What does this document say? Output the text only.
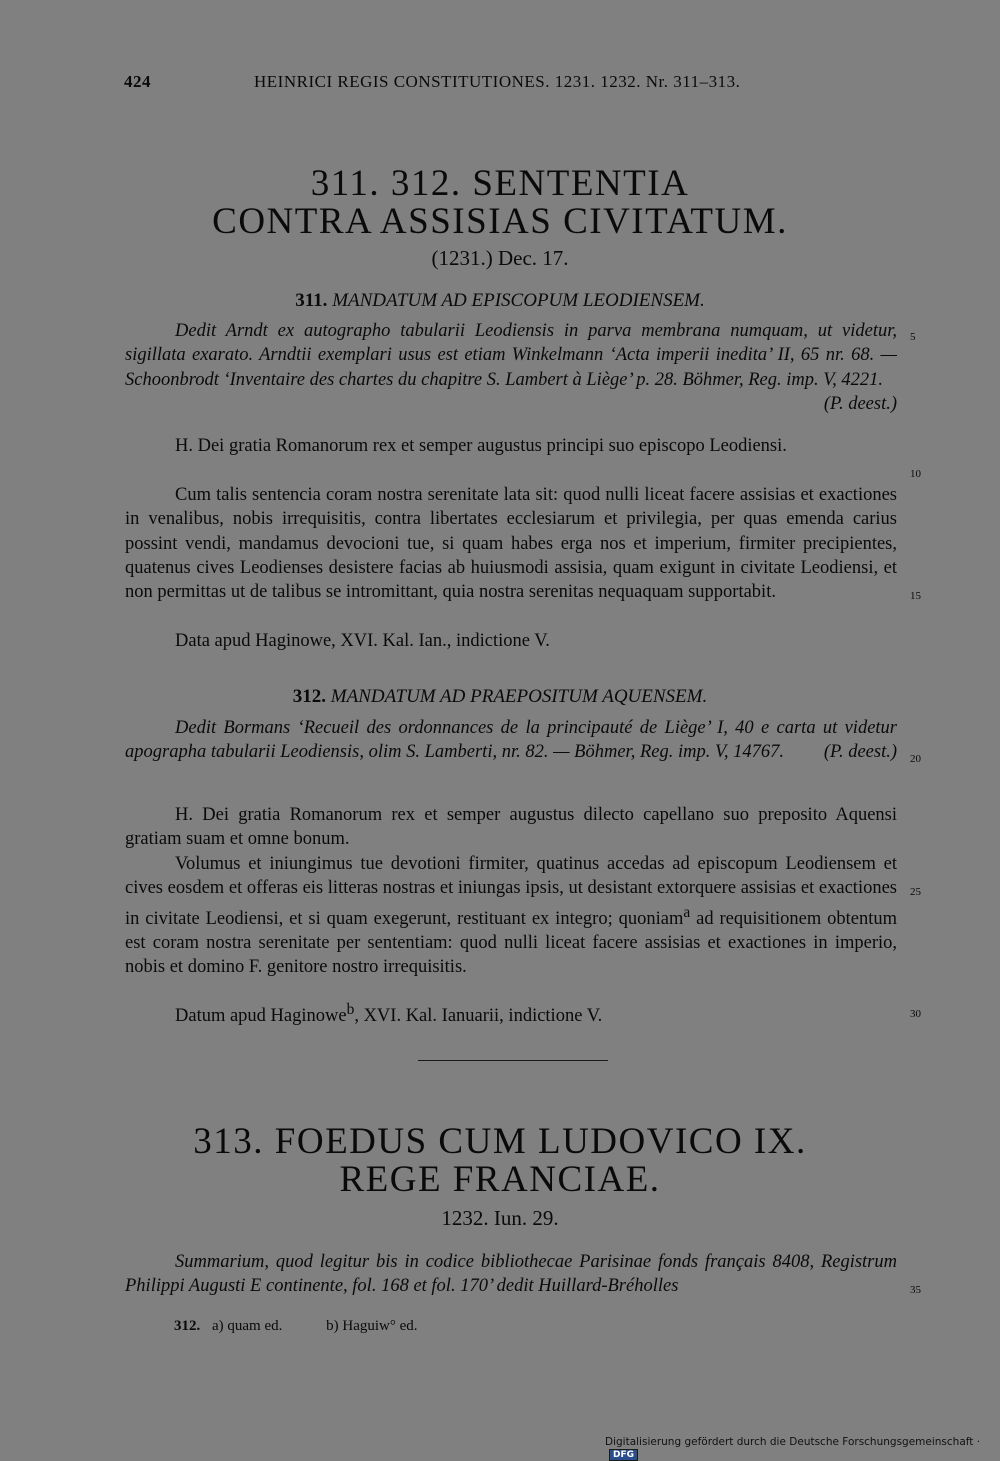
424	HEINRICI REGIS CONSTITUTIONES. 1231. 1232. Nr. 311–313.
311. 312. SENTENTIA
CONTRA ASSISIAS CIVITATUM.
(1231.) Dec. 17.
311. MANDATUM AD EPISCOPUM LEODIENSEM.
Dedit Arndt ex autographo tabularii Leodiensis in parva membrana numquam, ut videtur, sigillata exarato. Arndtii exemplari usus est etiam Winkelmann ‘Acta imperii inedita’ II, 65 nr. 68. — Schoonbrodt ‘Inventaire des chartes du chapitre S. Lambert à Liège’ p. 28. Böhmer, Reg. imp. V, 4221.
(P. deest.)
H. Dei gratia Romanorum rex et semper augustus principi suo episcopo Leodiensi.
Cum talis sentencia coram nostra serenitate lata sit: quod nulli liceat facere assisias et exactiones in venalibus, nobis irrequisitis, contra libertates ecclesiarum et privilegia, per quas emenda carius possint vendi, mandamus devocioni tue, si quam habes erga nos et imperium, firmiter precipientes, quatenus cives Leodienses desistere facias ab huiusmodi assisia, quam exigunt in civitate Leodiensi, et non permittas ut de talibus se intromittant, quia nostra serenitas nequaquam supportabit.
Data apud Haginowe, XVI. Kal. Ian., indictione V.
312. MANDATUM AD PRAEPOSITUM AQUENSEM.
Dedit Bormans ‘Recueil des ordonnances de la principauté de Liège’ I, 40 e carta ut videtur apographa tabularii Leodiensis, olim S. Lamberti, nr. 82. — Böhmer, Reg. imp. V, 14767. (P. deest.)
H. Dei gratia Romanorum rex et semper augustus dilecto capellano suo preposito Aquensi gratiam suam et omne bonum.
Volumus et iniungimus tue devotioni firmiter, quatinus accedas ad episcopum Leodiensem et cives eosdem et offeras eis litteras nostras et iniungas ipsis, ut desistant extorquere assisias et exactiones in civitate Leodiensi, et si quam exegerunt, restituant ex integro; quoniam$^a$ ad requisitionem obtentum est coram nostra serenitate per sententiam: quod nulli liceat facere assisias et exactiones in imperio, nobis et domino F. genitore nostro irrequisitis.
Datum apud Haginowe$^b$, XVI. Kal. Ianuarii, indictione V.
313. FOEDUS CUM LUDOVICO IX.
REGE FRANCIAE.
1232. Iun. 29.
Summarium, quod legitur bis in codice bibliothecae Parisinae fonds français 8408, Registrum Philippi Augusti E continente, fol. 168 et fol. 170’ dedit Huillard-Bréholles
5
10
15
20
25
30
35
312. a) quam ed.	b) Haguiw° ed.
Digitalisierung gefördert durch die Deutsche Forschungsgemeinschaft · DFG
